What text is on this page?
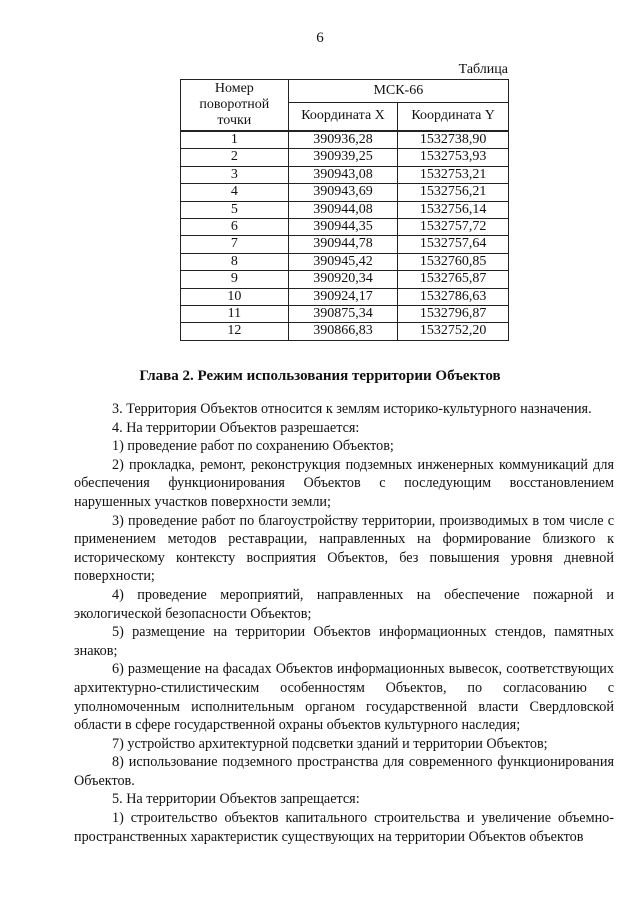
6
Таблица
Номер поворотной точки	МСК-66	
	Координата X	Координата Y
1	390936,28	1532738,90
2	390939,25	1532753,93
3	390943,08	1532753,21
4	390943,69	1532756,21
5	390944,08	1532756,14
6	390944,35	1532757,72
7	390944,78	1532757,64
8	390945,42	1532760,85
9	390920,34	1532765,87
10	390924,17	1532786,63
11	390875,34	1532796,87
12	390866,83	1532752,20
Глава 2. Режим использования территории Объектов

3. Территория Объектов относится к землям историко-культурного назначения.

4. На территории Объектов разрешается:

1) проведение работ по сохранению Объектов;

2) прокладка, ремонт, реконструкция подземных инженерных коммуникаций для обеспечения функционирования Объектов с последующим восстановлением нарушенных участков поверхности земли;

3) проведение работ по благоустройству территории, производимых в том числе с применением методов реставрации, направленных на формирование близкого к историческому контексту восприятия Объектов, без повышения уровня дневной поверхности;

4) проведение мероприятий, направленных на обеспечение пожарной и экологической безопасности Объектов;

5) размещение на территории Объектов информационных стендов, памятных знаков;

6) размещение на фасадах Объектов информационных вывесок, соответствующих архитектурно-стилистическим особенностям Объектов, по согласованию с уполномоченным исполнительным органом государственной власти Свердловской области в сфере государственной охраны объектов культурного наследия;

7) устройство архитектурной подсветки зданий и территории Объектов;

8) использование подземного пространства для современного функционирования Объектов.

5. На территории Объектов запрещается:

1) строительство объектов капитального строительства и увеличение объемно-пространственных характеристик существующих на территории Объектов объектов
